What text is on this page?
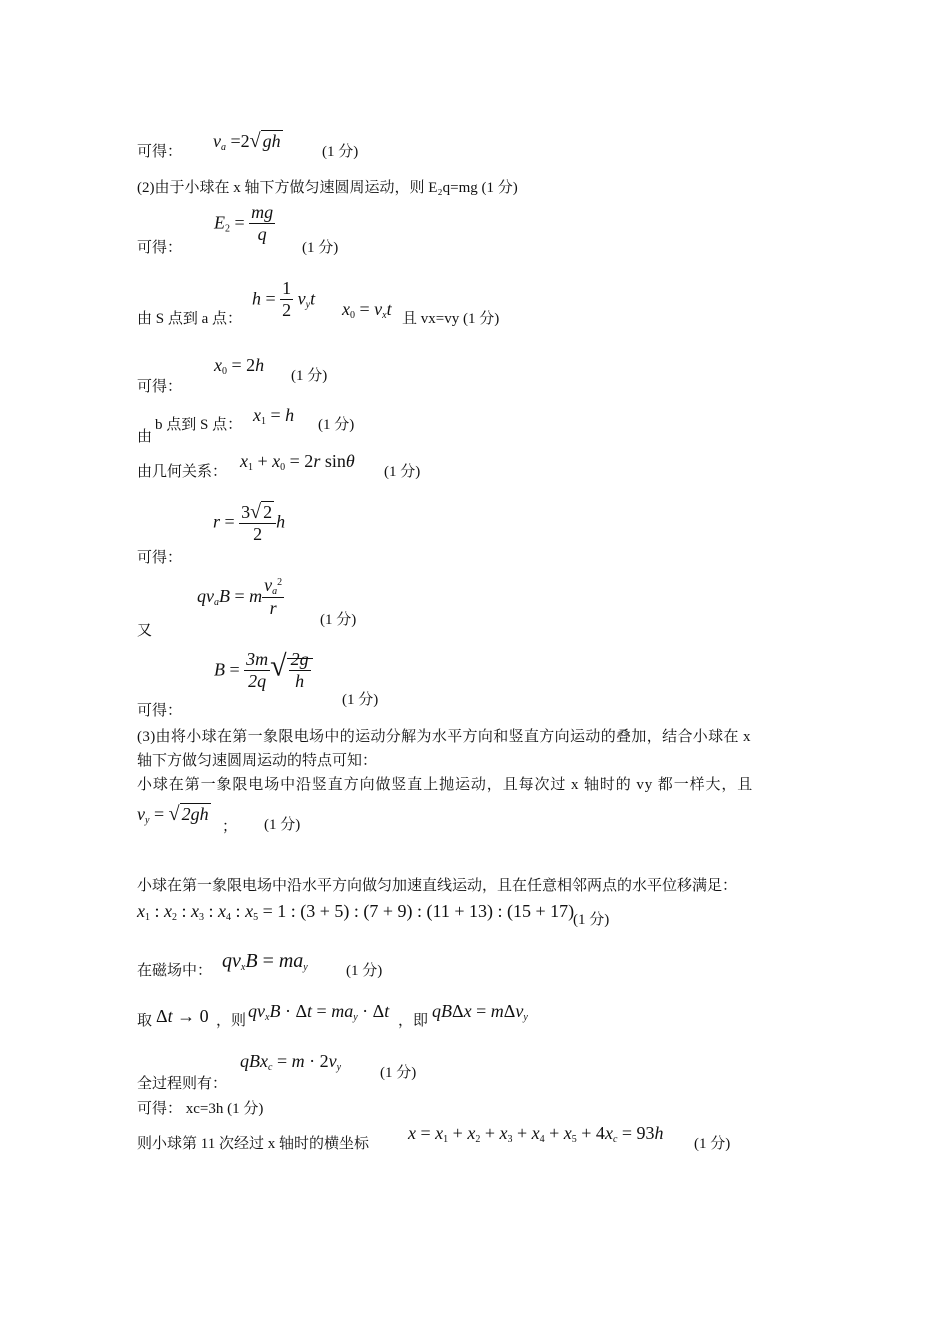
可得：
$v_a =2√$ gh
(1 分)
(2)由于小球在 x 轴下方做匀速圆周运动，则 E₂q=mg (1 分)
可得：
$E_2 = \frac{mg}{q}$
(1 分)
由 S 点到 a 点：
$h = \frac{1}{2} v_yt$
$x_0 = v_xt$ 且 vx=vy (1 分)
$x_0 = 2h$
(1 分)
可得：
b 点到 S 点： $x_1 = h$ (1 分)
由
由几何关系：
$x_1 + x_0 = 2r$ sinθ
(1 分)
$r = \frac{3√ 2}{2}$ h
可得：
$qv_aB = m \frac{v_a^2}{r}$
(1 分)
又
$B = \frac{3m}{2q}$ √ $\frac{2g}{h}$
(1 分)
可得：
(3)由将小球在第一象限电场中的运动分解为水平方向和竖直方向运动的叠加，结合小球在 x
轴下方做匀速圆周运动的特点可知：
小球在第一象限电场中沿竖直方向做竖直上抛运动，且每次过 x 轴时的 vy 都一样大，且
$v_y$ = √ 2gh
； (1 分)
小球在第一象限电场中沿水平方向做匀加速直线运动，且在任意相邻两点的水平位移满足：
$x_1$ : $x_2$ : $x_3$ : $x_4$ : $x_5 = 1$ : (3 + 5) : (7 + 9) : (11 + 13) : (15 + 17)
(1 分)
在磁场中： $qv_xB = ma_y$	(1 分)
取 Δt → 0 ，则 $qv_xB \cdot \Delta t = ma_y \cdot \Delta t$ ，即 qBΔx = mΔv$_y$
$qBx_c = m \cdot 2v_y$	(1 分)
全过程则有：
可得： xc=3h (1 分)
则小球第 11 次经过 x 轴时的横坐标
$x = x_1 + x_2 + x_3 + x_4 + x_5 + 4x_c = 93h$
(1 分)
